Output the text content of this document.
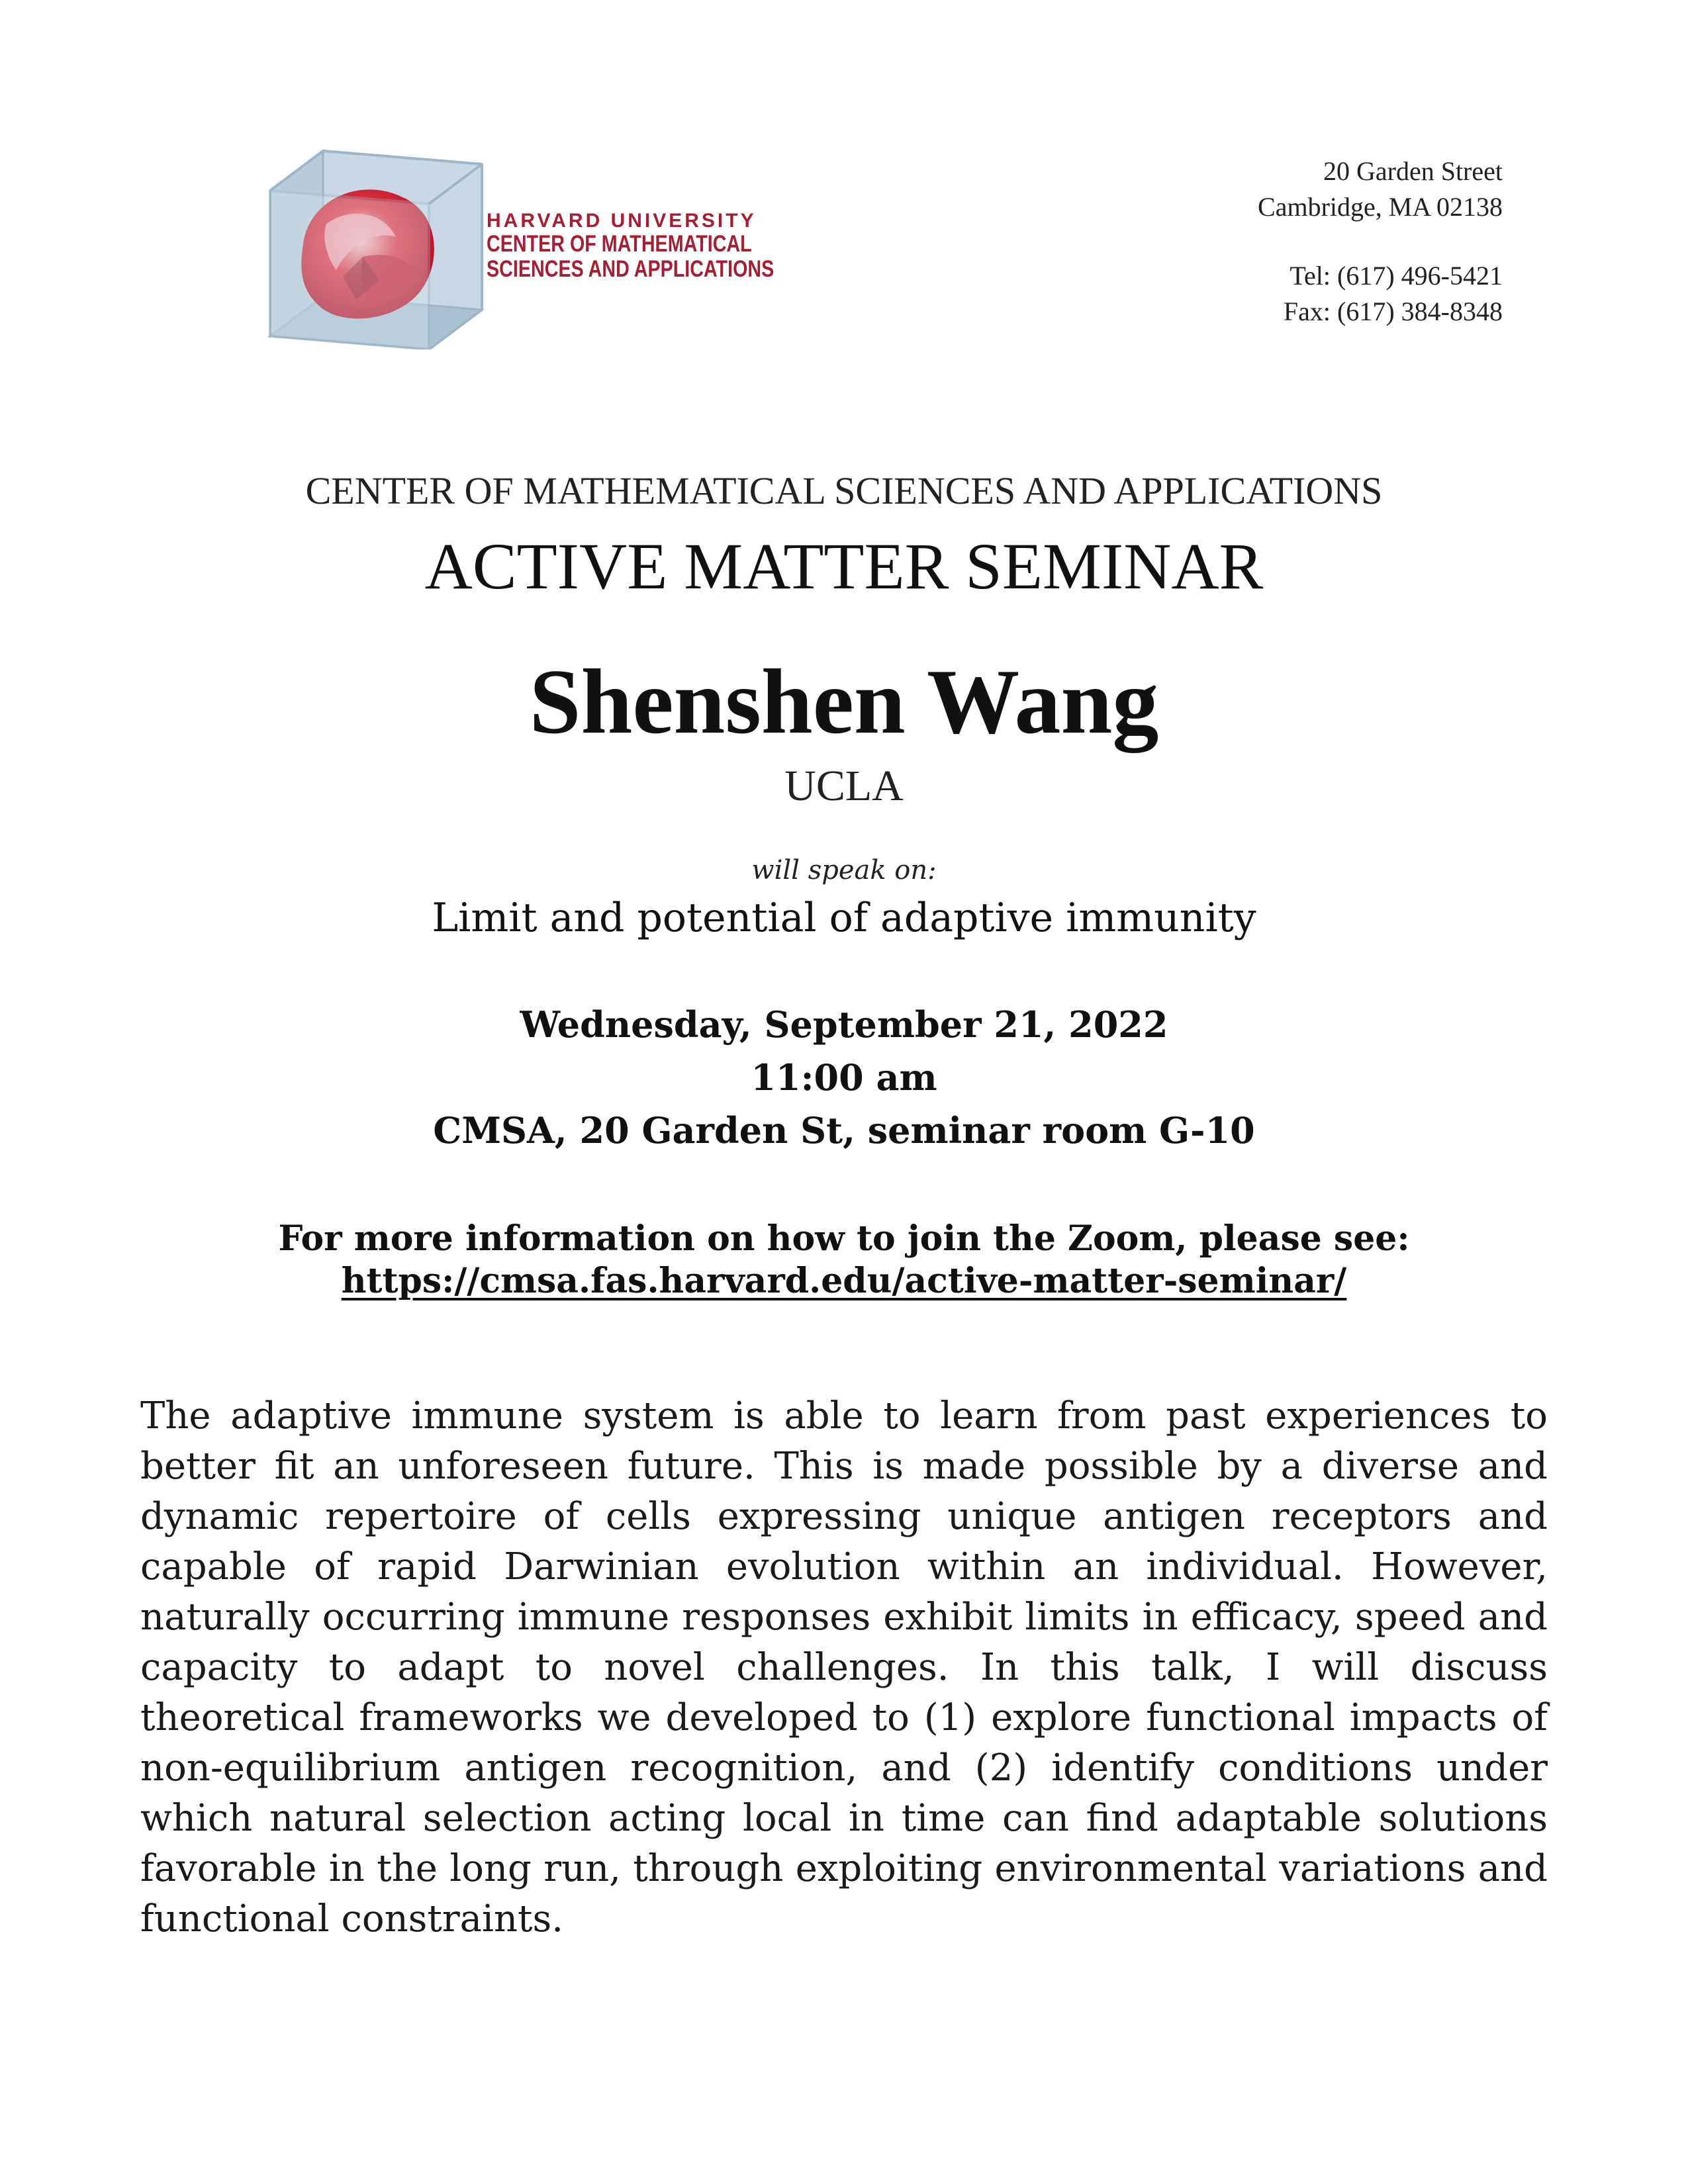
HARVARD UNIVERSITY
CENTER OF MATHEMATICAL
SCIENCES AND APPLICATIONS
20 Garden Street
Cambridge, MA 02138
Tel: (617) 496-5421
Fax: (617) 384-8348
CENTER OF MATHEMATICAL SCIENCES AND APPLICATIONS
ACTIVE MATTER SEMINAR
Shenshen Wang
UCLA
will speak on:
Limit and potential of adaptive immunity
Wednesday, September 21, 2022
11:00 am
CMSA, 20 Garden St, seminar room G-10
For more information on how to join the Zoom, please see:
https://cmsa.fas.harvard.edu/active-matter-seminar/
The adaptive immune system is able to learn from past experiences to better fit an unforeseen future. This is made possible by a diverse and dynamic repertoire of cells expressing unique antigen receptors and capable of rapid Darwinian evolution within an individual. However, naturally occurring immune responses exhibit limits in efficacy, speed and capacity to adapt to novel challenges. In this talk, I will discuss theoretical frameworks we developed to (1) explore functional impacts of non-equilibrium antigen recognition, and (2) identify conditions under which natural selection acting local in time can find adaptable solutions favorable in the long run, through exploiting environmental variations and functional constraints.
